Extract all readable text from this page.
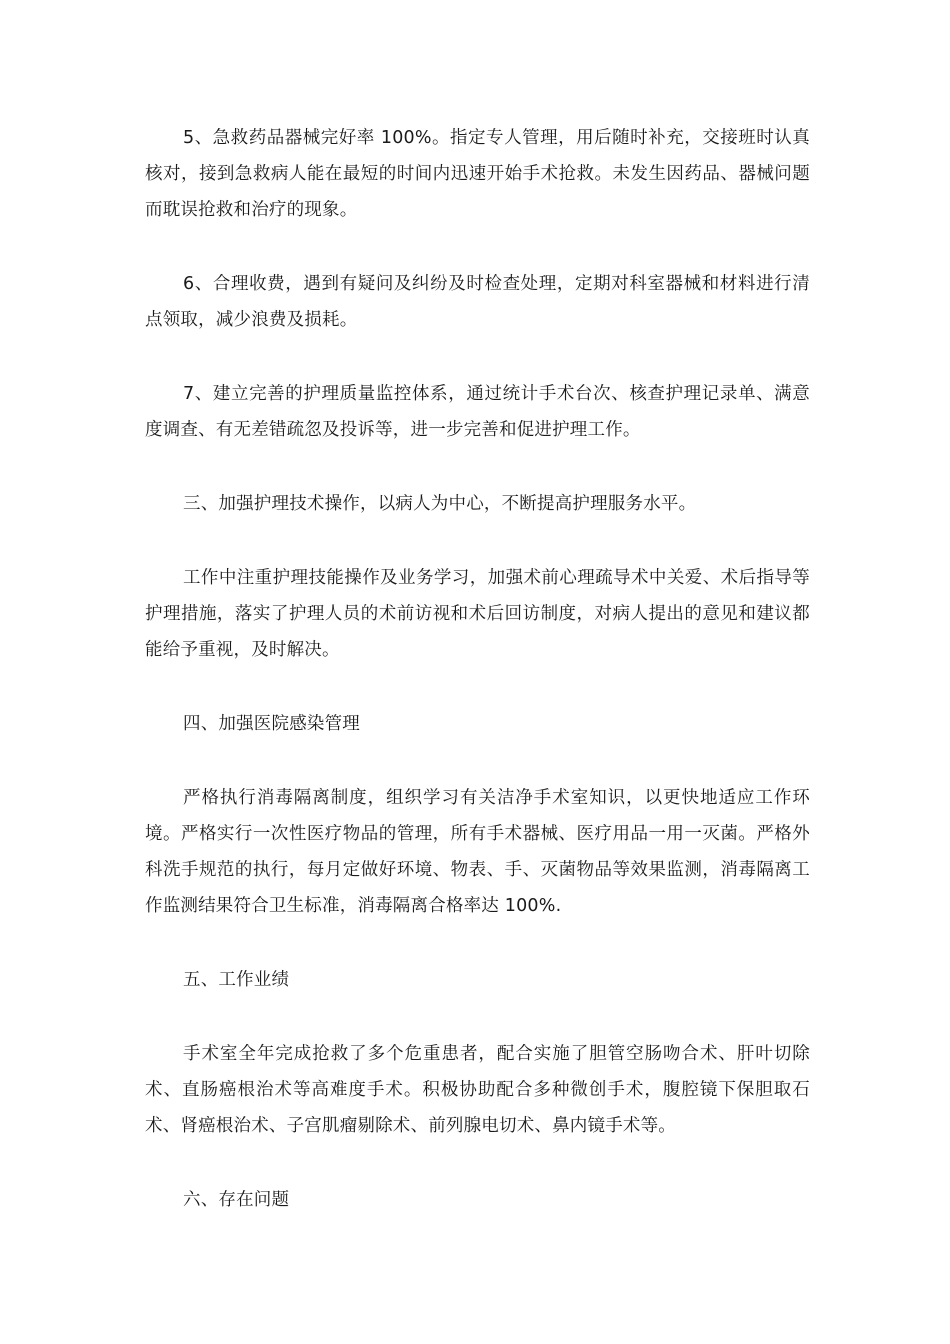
5、急救药品器械完好率 100%。指定专人管理，用后随时补充，交接班时认真核对，接到急救病人能在最短的时间内迅速开始手术抢救。未发生因药品、器械问题而耽误抢救和治疗的现象。

6、合理收费，遇到有疑问及纠纷及时检查处理，定期对科室器械和材料进行清点领取，减少浪费及损耗。

7、建立完善的护理质量监控体系，通过统计手术台次、核查护理记录单、满意度调查、有无差错疏忽及投诉等，进一步完善和促进护理工作。

三、加强护理技术操作，以病人为中心，不断提高护理服务水平。

工作中注重护理技能操作及业务学习，加强术前心理疏导术中关爱、术后指导等护理措施，落实了护理人员的术前访视和术后回访制度，对病人提出的意见和建议都能给予重视，及时解决。

四、加强医院感染管理

严格执行消毒隔离制度，组织学习有关洁净手术室知识，以更快地适应工作环境。严格实行一次性医疗物品的管理，所有手术器械、医疗用品一用一灭菌。严格外科洗手规范的执行，每月定做好环境、物表、手、灭菌物品等效果监测，消毒隔离工作监测结果符合卫生标准，消毒隔离合格率达 100%.

五、工作业绩

手术室全年完成抢救了多个危重患者，配合实施了胆管空肠吻合术、肝叶切除术、直肠癌根治术等高难度手术。积极协助配合多种微创手术，腹腔镜下保胆取石术、肾癌根治术、子宫肌瘤剔除术、前列腺电切术、鼻内镜手术等。

六、存在问题
